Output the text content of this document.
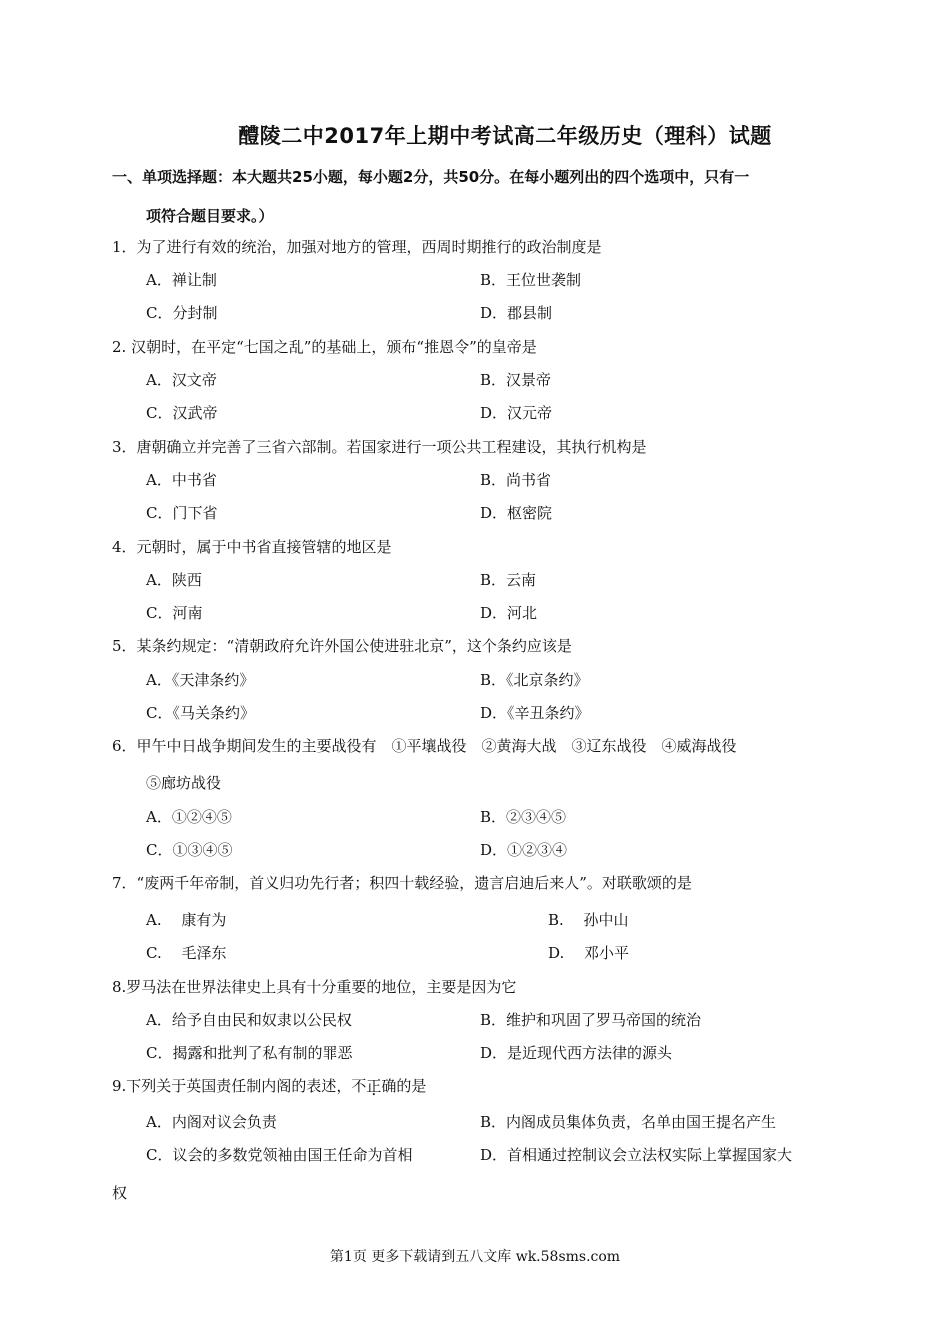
醴陵二中2017年上期中考试高二年级历史（理科）试题
一、单项选择题：本大题共25小题，每小题2分，共50分。在每小题列出的四个选项中，只有一
项符合题目要求。）
1．为了进行有效的统治，加强对地方的管理，西周时期推行的政治制度是
A．禅让制	B．王位世袭制
C．分封制	D．郡县制
2. 汉朝时，在平定“七国之乱”的基础上，颁布“推恩令”的皇帝是
A．汉文帝	B．汉景帝
C．汉武帝	D．汉元帝
3．唐朝确立并完善了三省六部制。若国家进行一项公共工程建设，其执行机构是
A．中书省	B．尚书省
C．门下省	D．枢密院
4．元朝时，属于中书省直接管辖的地区是
A．陕西	B．云南
C．河南	D．河北
5．某条约规定：“清朝政府允许外国公使进驻北京”，这个条约应该是
A．《天津条约》	B．《北京条约》
C．《马关条约》	D．《辛丑条约》
6．甲午中日战争期间发生的主要战役有　①平壤战役　②黄海大战　③辽东战役　④威海战役
⑤廊坊战役
A．①②④⑤	B．②③④⑤
C．①③④⑤	D．①②③④
7．“废两千年帝制，首义归功先行者；积四十载经验，遗言启迪后来人”。对联歌颂的是
A.　 康有为	B.　 孙中山
C.　 毛泽东	D.　 邓小平
8.罗马法在世界法律史上具有十分重要的地位，主要是因为它
A．给予自由民和奴隶以公民权	B．维护和巩固了罗马帝国的统治
C．揭露和批判了私有制的罪恶	D．是近现代西方法律的源头
9.下列关于英国责任制内阁的表述，不正确的是
A．内阁对议会负责	B．内阁成员集体负责，名单由国王提名产生
C．议会的多数党领袖由国王任命为首相	D．首相通过控制议会立法权实际上掌握国家大
权
第1页 更多下载请到五八文库 wk.58sms.com
